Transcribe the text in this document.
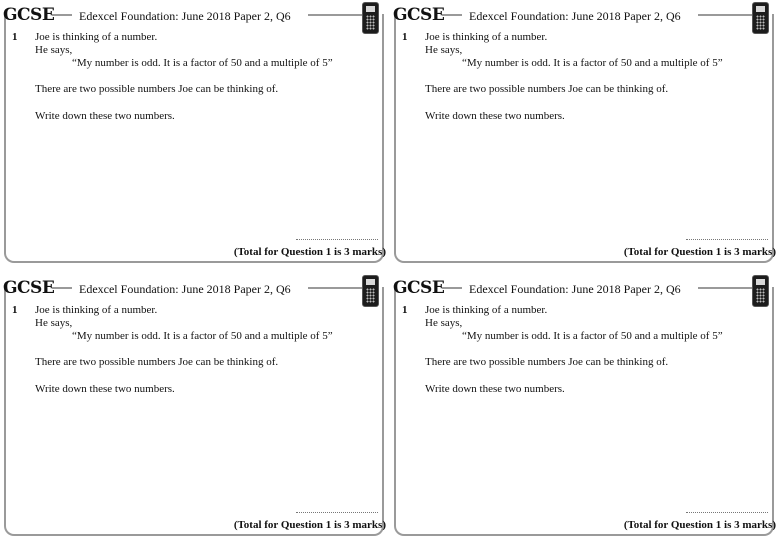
GCSE Edexcel Foundation: June 2018 Paper 2, Q6
1 Joe is thinking of a number.
He says,
“My number is odd. It is a factor of 50 and a multiple of 5”
There are two possible numbers Joe can be thinking of.
Write down these two numbers.
(Total for Question 1 is 3 marks)
GCSE Edexcel Foundation: June 2018 Paper 2, Q6
1 Joe is thinking of a number.
He says,
“My number is odd. It is a factor of 50 and a multiple of 5”
There are two possible numbers Joe can be thinking of.
Write down these two numbers.
(Total for Question 1 is 3 marks)
GCSE Edexcel Foundation: June 2018 Paper 2, Q6
1 Joe is thinking of a number.
He says,
“My number is odd. It is a factor of 50 and a multiple of 5”
There are two possible numbers Joe can be thinking of.
Write down these two numbers.
(Total for Question 1 is 3 marks)
GCSE Edexcel Foundation: June 2018 Paper 2, Q6
1 Joe is thinking of a number.
He says,
“My number is odd. It is a factor of 50 and a multiple of 5”
There are two possible numbers Joe can be thinking of.
Write down these two numbers.
(Total for Question 1 is 3 marks)
